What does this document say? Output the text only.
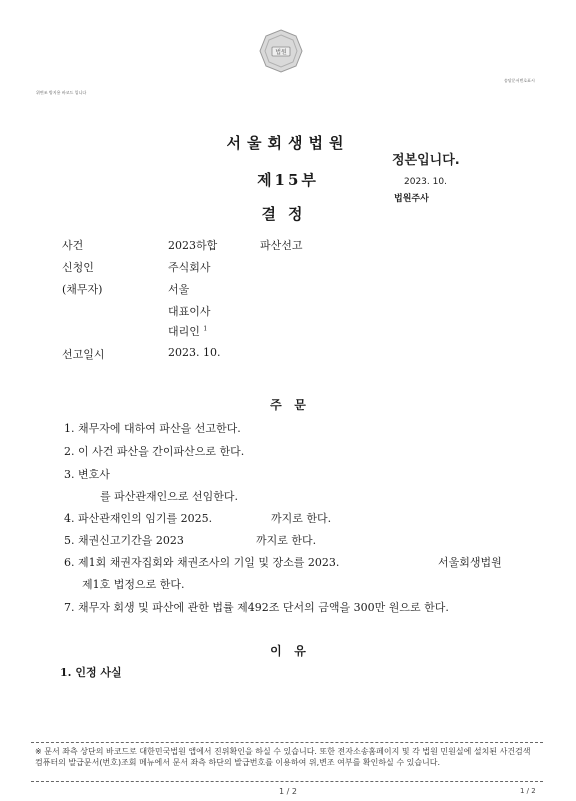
위변조 방지용 바코드 입니다
송달문서번호표시
법원
서울회생법원
제15부
결정
정본입니다.
2023. 10.
법원주사
사건	2023하합	파산선고
신청인	주식회사
(채무자)	서울
대표이사
대리인 $^1$
선고일시	2023. 10.
주   문
1. 채무자에 대하여 파산을 선고한다.
2. 이 사건 파산을 간이파산으로 한다.
3. 변호사
를 파산관재인으로 선임한다.
4. 파산관재인의 임기를 2025.	까지로 한다.
5. 채권신고기간을 2023	까지로 한다.
6. 제1회 채권자집회와 채권조사의 기일 및 장소를 2023.	서울회생법원
제1호 법정으로 한다.
7. 채무자 회생 및 파산에 관한 법률 제492조 단서의 금액을 300만 원으로 한다.
이   유
1. 인정 사실
※ 문서 좌측 상단의 바코드로 대한민국법원 앱에서 진위확인을 하실 수 있습니다. 또한 전자소송홈페이지 및 각 법원 민원실에 설치된 사건검색 컴퓨터의 발급문서(번호)조회 메뉴에서 문서 좌측 하단의 발급번호를 이용하여 위,변조 여부를 확인하실 수 있습니다.
1 / 2	1 / 2
